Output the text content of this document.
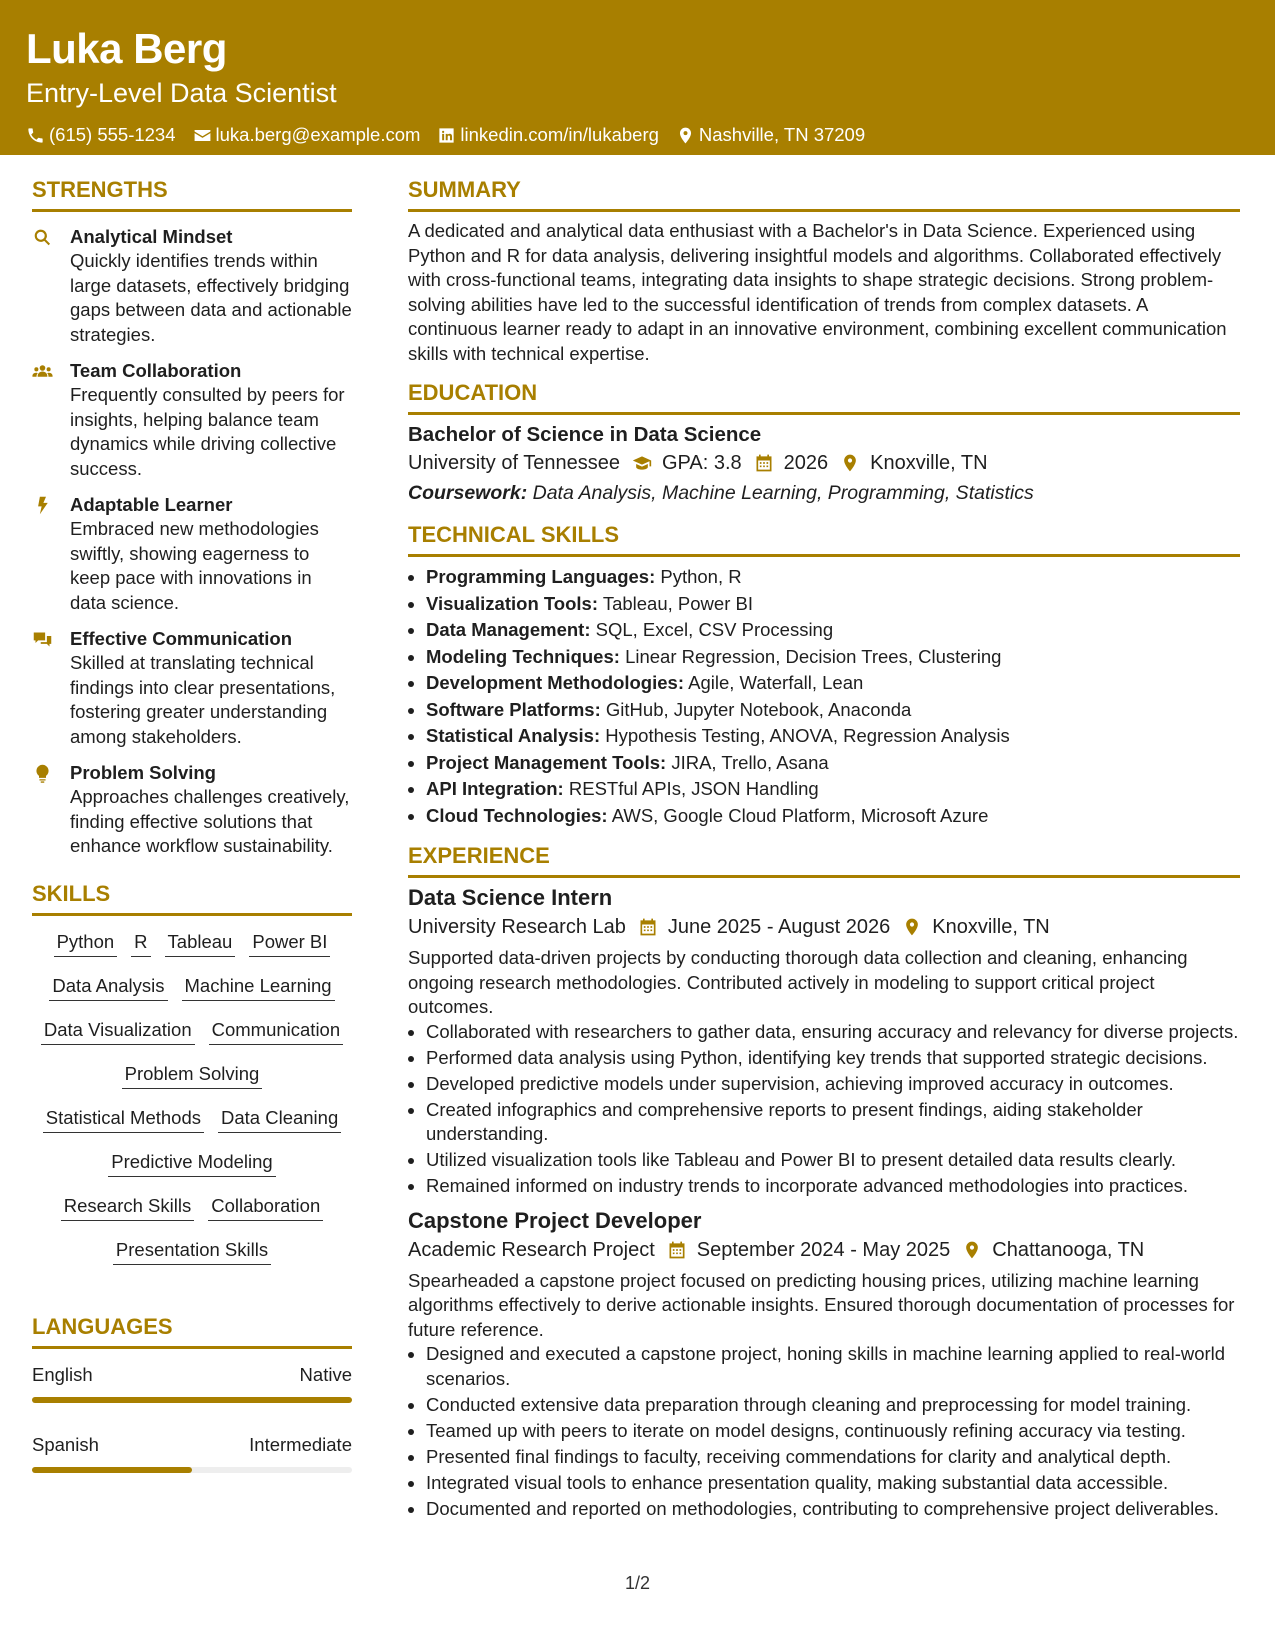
Luka Berg
Entry-Level Data Scientist
(615) 555-1234 luka.berg@example.com linkedin.com/in/lukaberg Nashville, TN 37209
STRENGTHS
Analytical Mindset
Quickly identifies trends within large datasets, effectively bridging gaps between data and actionable strategies.
Team Collaboration
Frequently consulted by peers for insights, helping balance team dynamics while driving collective success.
Adaptable Learner
Embraced new methodologies swiftly, showing eagerness to keep pace with innovations in data science.
Effective Communication
Skilled at translating technical findings into clear presentations, fostering greater understanding among stakeholders.
Problem Solving
Approaches challenges creatively, finding effective solutions that enhance workflow sustainability.
SKILLS
Python R Tableau Power BI
Data Analysis Machine Learning
Data Visualization Communication
Problem Solving
Statistical Methods Data Cleaning
Predictive Modeling
Research Skills Collaboration
Presentation Skills
LANGUAGES
English	Native
Spanish	Intermediate
SUMMARY
A dedicated and analytical data enthusiast with a Bachelor's in Data Science. Experienced using Python and R for data analysis, delivering insightful models and algorithms. Collaborated effectively with cross-functional teams, integrating data insights to shape strategic decisions. Strong problem-solving abilities have led to the successful identification of trends from complex datasets. A continuous learner ready to adapt in an innovative environment, combining excellent communication skills with technical expertise.
EDUCATION
Bachelor of Science in Data Science
University of Tennessee GPA: 3.8 2026 Knoxville, TN
Coursework: Data Analysis, Machine Learning, Programming, Statistics
TECHNICAL SKILLS
• Programming Languages: Python, R
• Visualization Tools: Tableau, Power BI
• Data Management: SQL, Excel, CSV Processing
• Modeling Techniques: Linear Regression, Decision Trees, Clustering
• Development Methodologies: Agile, Waterfall, Lean
• Software Platforms: GitHub, Jupyter Notebook, Anaconda
• Statistical Analysis: Hypothesis Testing, ANOVA, Regression Analysis
• Project Management Tools: JIRA, Trello, Asana
• API Integration: RESTful APIs, JSON Handling
• Cloud Technologies: AWS, Google Cloud Platform, Microsoft Azure
EXPERIENCE
Data Science Intern
University Research Lab June 2025 - August 2026 Knoxville, TN
Supported data-driven projects by conducting thorough data collection and cleaning, enhancing ongoing research methodologies. Contributed actively in modeling to support critical project outcomes.
• Collaborated with researchers to gather data, ensuring accuracy and relevancy for diverse projects.
• Performed data analysis using Python, identifying key trends that supported strategic decisions.
• Developed predictive models under supervision, achieving improved accuracy in outcomes.
• Created infographics and comprehensive reports to present findings, aiding stakeholder understanding.
• Utilized visualization tools like Tableau and Power BI to present detailed data results clearly.
• Remained informed on industry trends to incorporate advanced methodologies into practices.
Capstone Project Developer
Academic Research Project September 2024 - May 2025 Chattanooga, TN
Spearheaded a capstone project focused on predicting housing prices, utilizing machine learning algorithms effectively to derive actionable insights. Ensured thorough documentation of processes for future reference.
• Designed and executed a capstone project, honing skills in machine learning applied to real-world scenarios.
• Conducted extensive data preparation through cleaning and preprocessing for model training.
• Teamed up with peers to iterate on model designs, continuously refining accuracy via testing.
• Presented final findings to faculty, receiving commendations for clarity and analytical depth.
• Integrated visual tools to enhance presentation quality, making substantial data accessible.
• Documented and reported on methodologies, contributing to comprehensive project deliverables.
1/2
